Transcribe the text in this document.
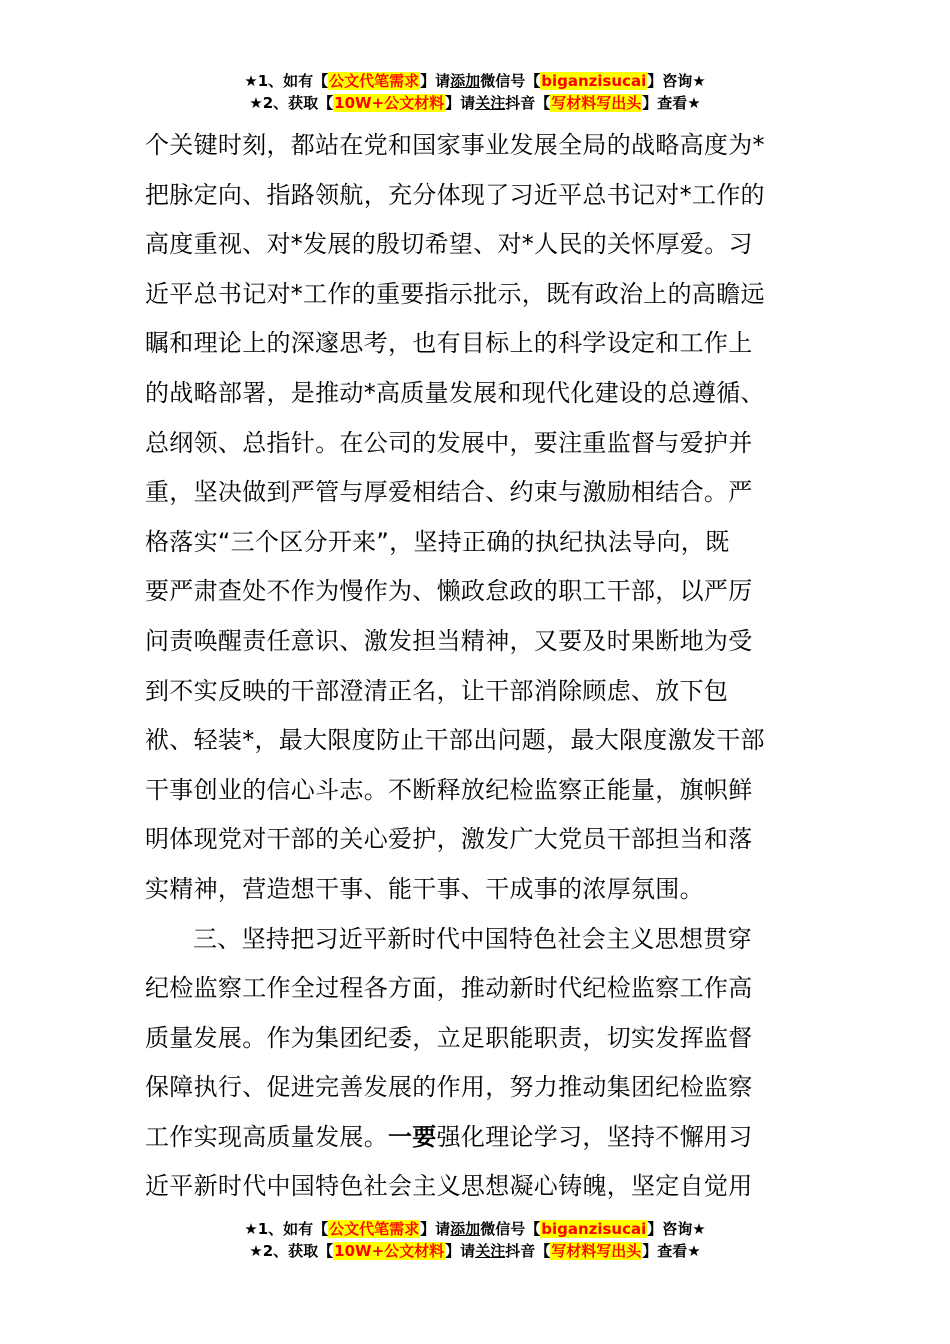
★1、如有【公文代笔需求】请添加微信号【biganzisucai】咨询★
★2、获取【10W+公文材料】请关注抖音【写材料写出头】查看★
个关键时刻，都站在党和国家事业发展全局的战略高度为*
把脉定向、指路领航，充分体现了习近平总书记对*工作的
高度重视、对*发展的殷切希望、对*人民的关怀厚爱。习
近平总书记对*工作的重要指示批示，既有政治上的高瞻远
瞩和理论上的深邃思考，也有目标上的科学设定和工作上
的战略部署，是推动*高质量发展和现代化建设的总遵循、
总纲领、总指针。在公司的发展中，要注重监督与爱护并
重，坚决做到严管与厚爱相结合、约束与激励相结合。严
格落实“三个区分开来”，坚持正确的执纪执法导向，既
要严肃查处不作为慢作为、懒政怠政的职工干部，以严厉
问责唤醒责任意识、激发担当精神，又要及时果断地为受
到不实反映的干部澄清正名，让干部消除顾虑、放下包
袱、轻装*，最大限度防止干部出问题，最大限度激发干部
干事创业的信心斗志。不断释放纪检监察正能量，旗帜鲜
明体现党对干部的关心爱护，激发广大党员干部担当和落
实精神，营造想干事、能干事、干成事的浓厚氛围。
三、坚持把习近平新时代中国特色社会主义思想贯穿
纪检监察工作全过程各方面，推动新时代纪检监察工作高
质量发展。作为集团纪委，立足职能职责，切实发挥监督
保障执行、促进完善发展的作用，努力推动集团纪检监察
工作实现高质量发展。一要强化理论学习，坚持不懈用习
近平新时代中国特色社会主义思想凝心铸魄，坚定自觉用
★1、如有【公文代笔需求】请添加微信号【biganzisucai】咨询★
★2、获取【10W+公文材料】请关注抖音【写材料写出头】查看★
